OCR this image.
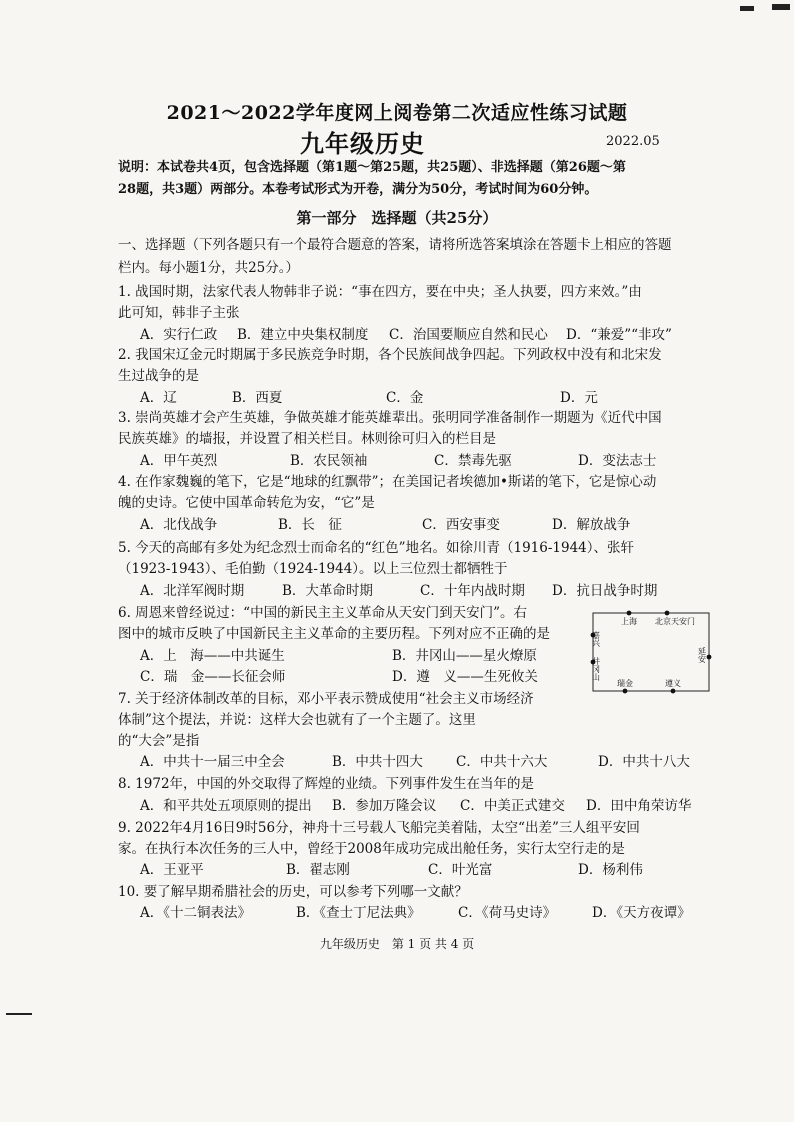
2021～2022学年度网上阅卷第二次适应性练习试题
九年级历史	2022.05
说明：本试卷共4页，包含选择题（第1题～第25题，共25题）、非选择题（第26题～第
28题，共3题）两部分。本卷考试形式为开卷，满分为50分，考试时间为60分钟。
第一部分　选择题（共25分）
一、选择题（下列各题只有一个最符合题意的答案，请将所选答案填涂在答题卡上相应的答题
栏内。每小题1分，共25分。）
1. 战国时期，法家代表人物韩非子说：“事在四方，要在中央；圣人执要，四方来效。”由
此可知，韩非子主张
A．实行仁政 B．建立中央集权制度 C．治国要顺应自然和民心 D．“兼爱”“非攻”
2. 我国宋辽金元时期属于多民族竞争时期，各个民族间战争四起。下列政权中没有和北宋发
生过战争的是
A．辽	B．西夏	C．金	D．元
3. 崇尚英雄才会产生英雄，争做英雄才能英雄辈出。张明同学准备制作一期题为《近代中国
民族英雄》的墙报，并设置了相关栏目。林则徐可归入的栏目是
A．甲午英烈	B．农民领袖	C．禁毒先驱	D．变法志士
4. 在作家魏巍的笔下，它是“地球的红飘带”；在美国记者埃德加•斯诺的笔下，它是惊心动
魄的史诗。它使中国革命转危为安，“它”是
A．北伐战争	B．长　征	C．西安事变	D．解放战争
5. 今天的高邮有多处为纪念烈士而命名的“红色”地名。如徐川青（1916-1944）、张轩
（1923-1943）、毛伯勤（1924-1944）。以上三位烈士都牺牲于
A．北洋军阀时期	B．大革命时期	C．十年内战时期 D．抗日战争时期
6. 周恩来曾经说过：“中国的新民主主义革命从天安门到天安门”。右
图中的城市反映了中国新民主主义革命的主要历程。下列对应不正确的是
A．上　海——中共诞生	B．井冈山——星火燎原
C．瑞　金——长征会师	D．遵　义——生死攸关
上海 北京天安门
嘉兴
井冈山
瑞金	遵义
延安
7. 关于经济体制改革的目标，邓小平表示赞成使用“社会主义市场经济
体制”这个提法，并说：这样大会也就有了一个主题了。这里
的“大会”是指
A．中共十一届三中全会	B．中共十四大 C．中共十六大	D．中共十八大
8. 1972年，中国的外交取得了辉煌的业绩。下列事件发生在当年的是
A．和平共处五项原则的提出 B．参加万隆会议 C．中美正式建交 D．田中角荣访华
9. 2022年4月16日9时56分，神舟十三号载人飞船完美着陆，太空“出差”三人组平安回
家。在执行本次任务的三人中，曾经于2008年成功完成出舱任务，实行太空行走的是
A．王亚平	B．翟志刚	C．叶光富	D．杨利伟
10. 要了解早期希腊社会的历史，可以参考下列哪一文献？
A．《十二铜表法》	B．《查士丁尼法典》	C．《荷马史诗》	D．《天方夜谭》
九年级历史　第 1 页 共 4 页
